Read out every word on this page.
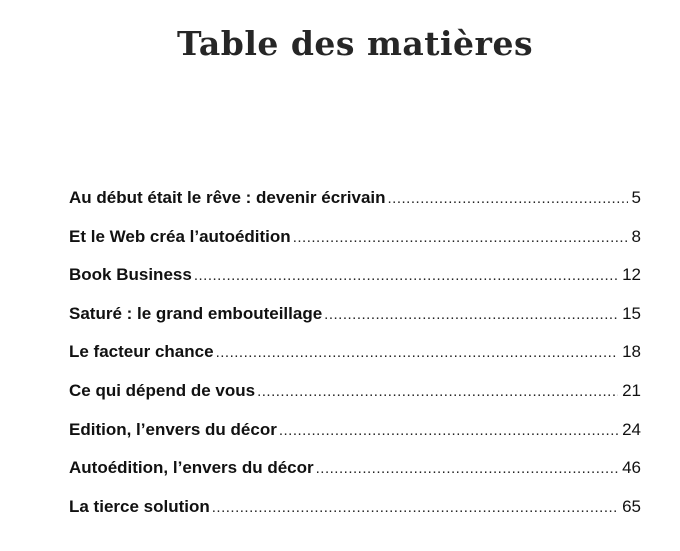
Table des matières
Au début était le rêve : devenir écrivain .....	5
Et le Web créa l’autoédition .....	8
Book Business .....	12
Saturé : le grand embouteillage .....	15
Le facteur chance .....	18
Ce qui dépend de vous .....	21
Edition, l’envers du décor .....	24
Autoédition, l’envers du décor .....	46
La tierce solution .....	65
